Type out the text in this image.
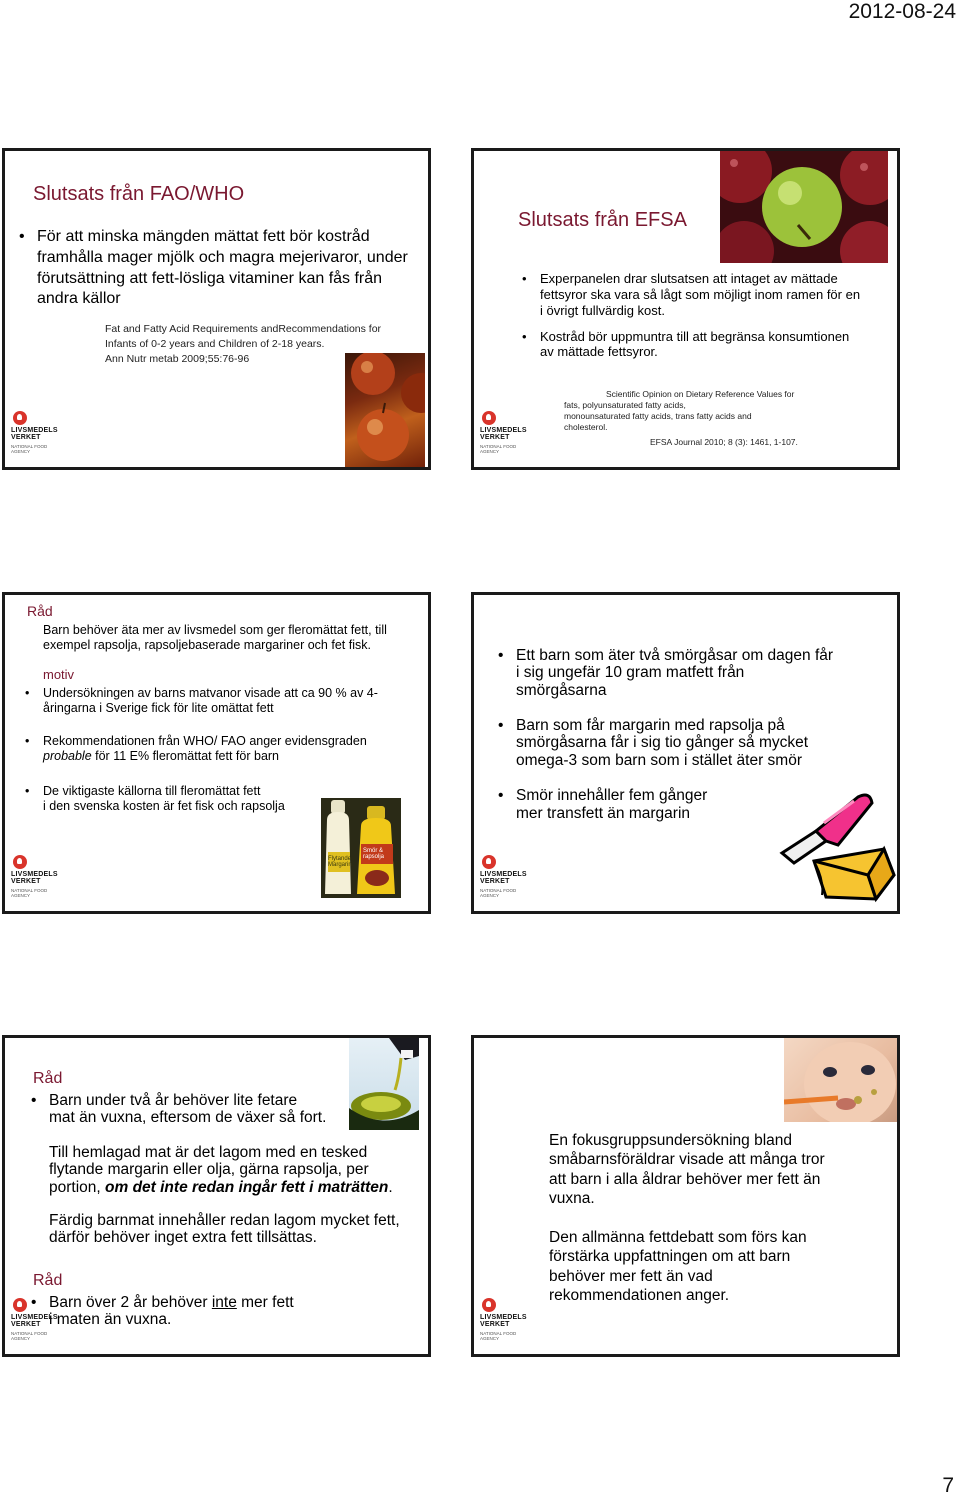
2012-08-24
Slutsats från FAO/WHO
• För att minska mängden mättat fett bör kostråd framhålla mager mjölk och magra mejerivaror, under förutsättning att fett-lösliga vitaminer kan fås från andra källor
Fat and Fatty Acid Requirements andRecommendations for
Infants of 0-2 years and Children of 2-18 years.
Ann Nutr metab 2009;55:76-96
LIVSMEDELS
VERKET
NATIONAL FOOD
AGENCY
Slutsats från EFSA
• Experpanelen drar slutsatsen att intaget av mättade fettsyror ska vara så lågt som möjligt inom ramen för en i övrigt fullvärdig kost.
• Kostråd bör uppmuntra till att begränsa konsumtionen av mättade fettsyror.
Scientific Opinion on Dietary Reference Values for
fats, polyunsaturated fatty acids,
monounsaturated fatty acids, trans fatty acids and
cholesterol.
EFSA Journal 2010; 8 (3): 1461, 1-107.
LIVSMEDELS
VERKET
NATIONAL FOOD
AGENCY
Råd
Barn behöver äta mer av livsmedel som ger fleromättat fett, till exempel rapsolja, rapsoljebaserade margariner och fet fisk.
motiv
• Undersökningen av barns matvanor visade att ca 90 % av 4-åringarna i Sverige fick för lite omättat fett
• Rekommendationen från WHO/ FAO anger evidensgraden
probable för 11 E% fleromättat fett för barn
• De viktigaste källorna till fleromättat fett
i den svenska kosten är fet fisk och rapsolja
Flytande Margarin
Smör & rapsolja
LIVSMEDELS
VERKET
NATIONAL FOOD
AGENCY
• Ett barn som äter två smörgåsar om dagen får i sig ungefär 10 gram matfett från smörgåsarna
• Barn som får margarin med rapsolja på smörgåsarna får i sig tio gånger så mycket omega-3 som barn som i stället äter smör
• Smör innehåller fem gånger
mer transfett än margarin
LIVSMEDELS
VERKET
NATIONAL FOOD
AGENCY
Råd
• Barn under två år behöver lite fetare
mat än vuxna, eftersom de växer så fort.
Till hemlagad mat är det lagom med en tesked flytande margarin eller olja, gärna rapsolja, per portion, om det inte redan ingår fett i maträtten.
Färdig barnmat innehåller redan lagom mycket fett, därför behöver inget extra fett tillsättas.
Råd
• Barn över 2 år behöver inte mer fett
i maten än vuxna.
LIVSMEDELS
VERKET
NATIONAL FOOD
AGENCY
En fokusgruppsundersökning bland småbarnsföräldrar visade att många tror att barn i alla åldrar behöver mer fett än vuxna.
Den allmänna fettdebatt som förs kan förstärka uppfattningen om att barn behöver mer fett än vad rekommendationen anger.
LIVSMEDELS
VERKET
NATIONAL FOOD
AGENCY
7
